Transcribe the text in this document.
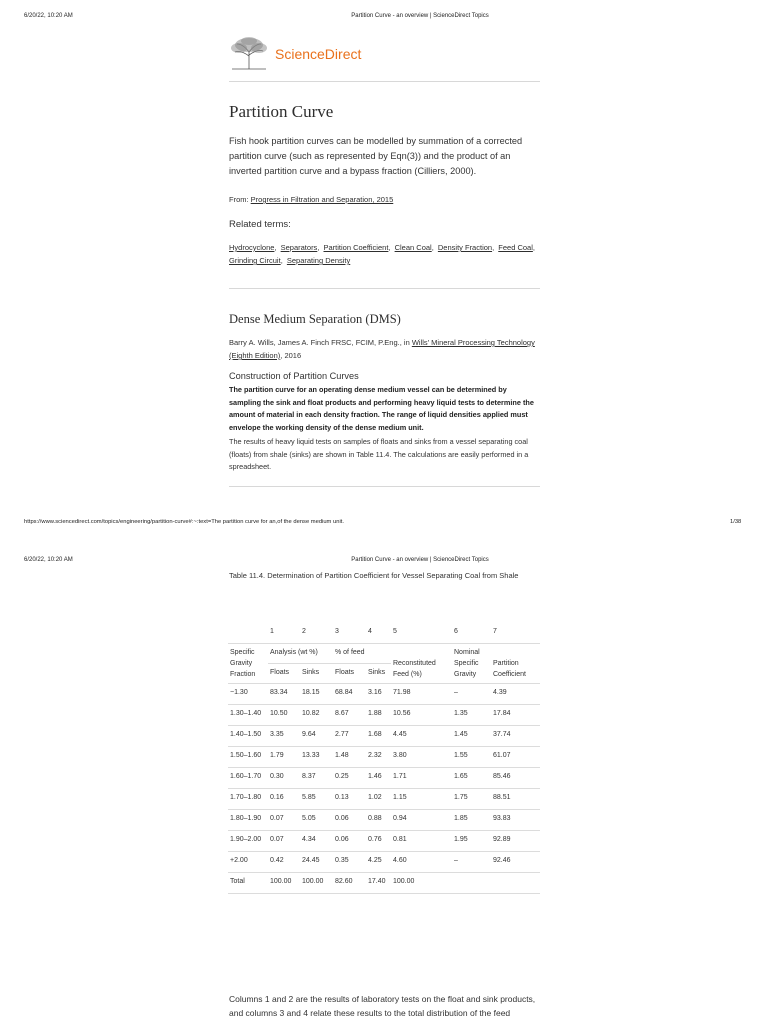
6/20/22, 10:20 AM	Partition Curve - an overview | ScienceDirect Topics
ScienceDirect
Partition Curve
Fish hook partition curves can be modelled by summation of a corrected partition curve (such as represented by Eqn(3)) and the product of an inverted partition curve and a bypass fraction (Cilliers, 2000).
From: Progress in Filtration and Separation, 2015
Related terms:
Hydrocyclone, Separators, Partition Coefficient, Clean Coal, Density Fraction, Feed Coal, Grinding Circuit, Separating Density
Dense Medium Separation (DMS)
Barry A. Wills, James A. Finch FRSC, FCIM, P.Eng., in Wills' Mineral Processing Technology (Eighth Edition), 2016
Construction of Partition Curves
The partition curve for an operating dense medium vessel can be determined by sampling the sink and float products and performing heavy liquid tests to determine the amount of material in each density fraction. The range of liquid densities applied must envelope the working density of the dense medium unit.
The results of heavy liquid tests on samples of floats and sinks from a vessel separating coal (floats) from shale (sinks) are shown in Table 11.4. The calculations are easily performed in a spreadsheet.
https://www.sciencedirect.com/topics/engineering/partition-curve#:~:text=The partition curve for an,of the dense medium unit.	1/38
6/20/22, 10:20 AM	Partition Curve - an overview | ScienceDirect Topics
Table 11.4. Determination of Partition Coefficient for Vessel Separating Coal from Shale
	1	2	3	4	5	6	7
Specific Gravity Fraction	Analysis (wt %)		% of feed		Reconstituted Feed (%)	Nominal Specific Gravity	Partition Coefficient
	Floats	Sinks	Floats	Sinks			
−1.30	83.34	18.15	68.84	3.16	71.98	–	4.39
1.30–1.40	10.50	10.82	8.67	1.88	10.56	1.35	17.84
1.40–1.50	3.35	9.64	2.77	1.68	4.45	1.45	37.74
1.50–1.60	1.79	13.33	1.48	2.32	3.80	1.55	61.07
1.60–1.70	0.30	8.37	0.25	1.46	1.71	1.65	85.46
1.70–1.80	0.16	5.85	0.13	1.02	1.15	1.75	88.51
1.80–1.90	0.07	5.05	0.06	0.88	0.94	1.85	93.83
1.90–2.00	0.07	4.34	0.06	0.76	0.81	1.95	92.89
+2.00	0.42	24.45	0.35	4.25	4.60	–	92.46
Total	100.00	100.00	82.60	17.40	100.00		
Columns 1 and 2 are the results of laboratory tests on the float and sink products, and columns 3 and 4 relate these results to the total distribution of the feed
